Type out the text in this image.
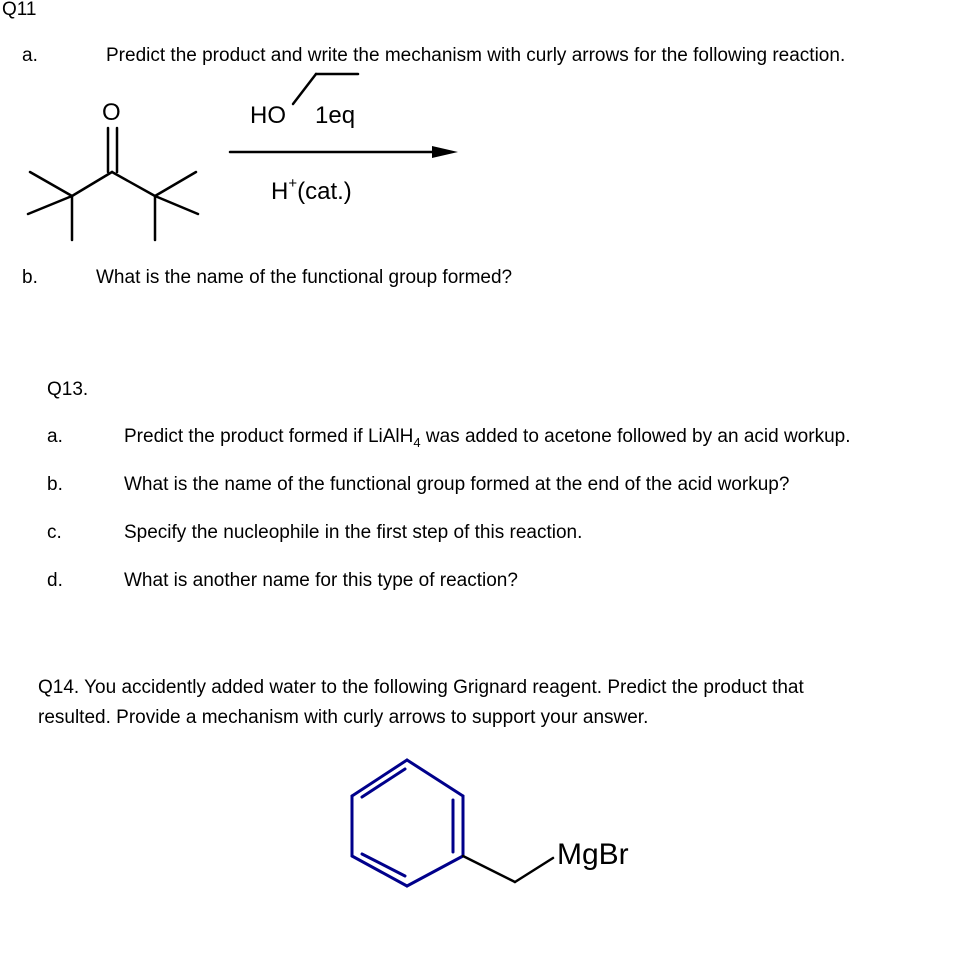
Q11
a.	Predict the product and write the mechanism with curly arrows for the following reaction.
O	HO 1eq
H+(cat.)
b.	What is the name of the functional group formed?
Q13.
a.	Predict the product formed if LiAlH$_4$ was added to acetone followed by an acid workup.
b.	What is the name of the functional group formed at the end of the acid workup?
c.	Specify the nucleophile in the first step of this reaction.
d.	What is another name for this type of reaction?
Q14. You accidently added water to the following Grignard reagent. Predict the product that
resulted. Provide a mechanism with curly arrows to support your answer.
MgBr
